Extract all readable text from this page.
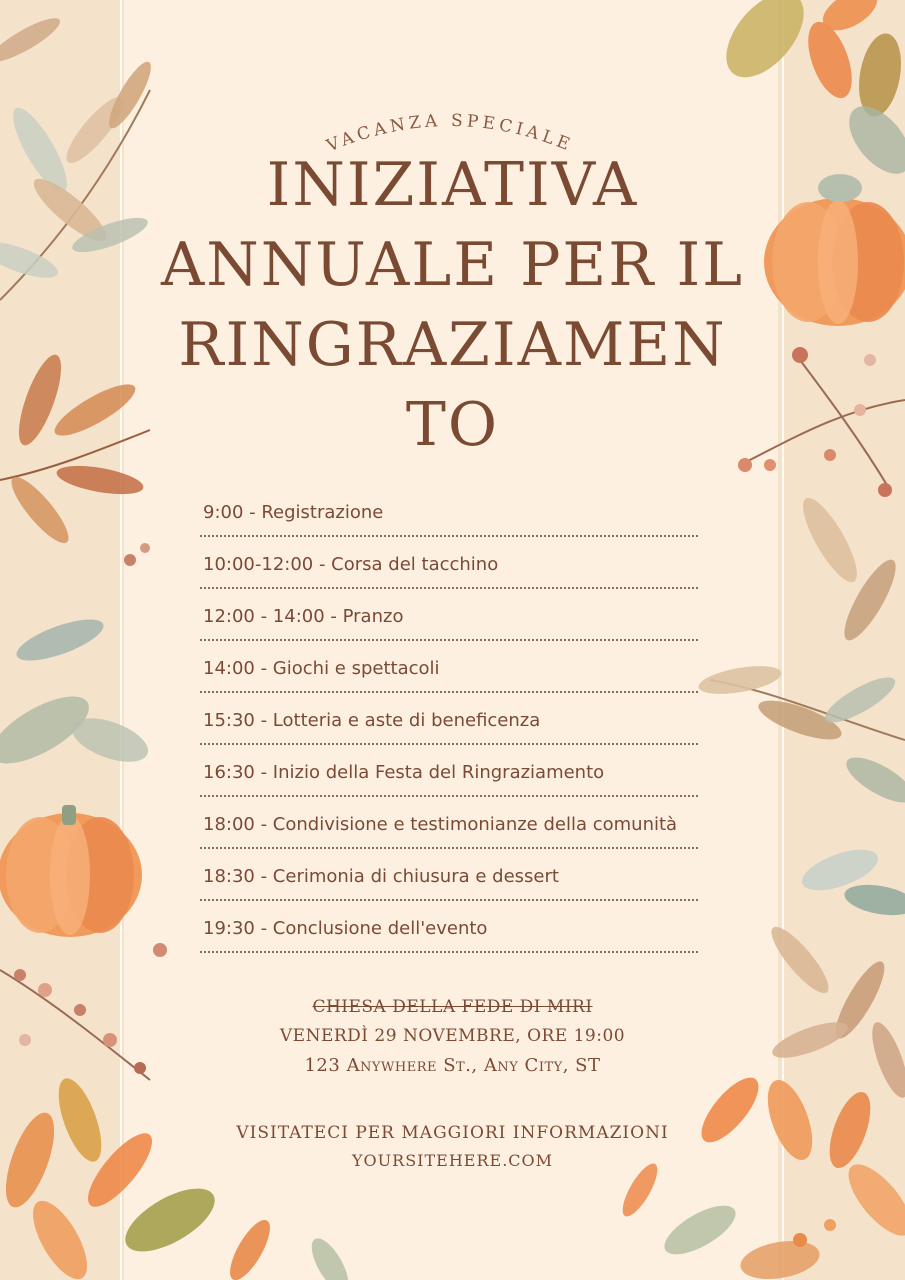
VACANZA SPECIALE
INIZIATIVA
ANNUALE PER IL
RINGRAZIAMEN
TO
9:00 - Registrazione
10:00-12:00 - Corsa del tacchino
12:00 - 14:00 - Pranzo
14:00 - Giochi e spettacoli
15:30 - Lotteria e aste di beneficenza
16:30 - Inizio della Festa del Ringraziamento
18:00 - Condivisione e testimonianze della comunità
18:30 - Cerimonia di chiusura e dessert
19:30 - Conclusione dell'evento
CHIESA DELLA FEDE DI MIRI
VENERDÌ 29 NOVEMBRE, ORE 19:00
123 Anywhere St., Any City, ST
VISITATECI PER MAGGIORI INFORMAZIONI
YOURSITEHERE.COM
